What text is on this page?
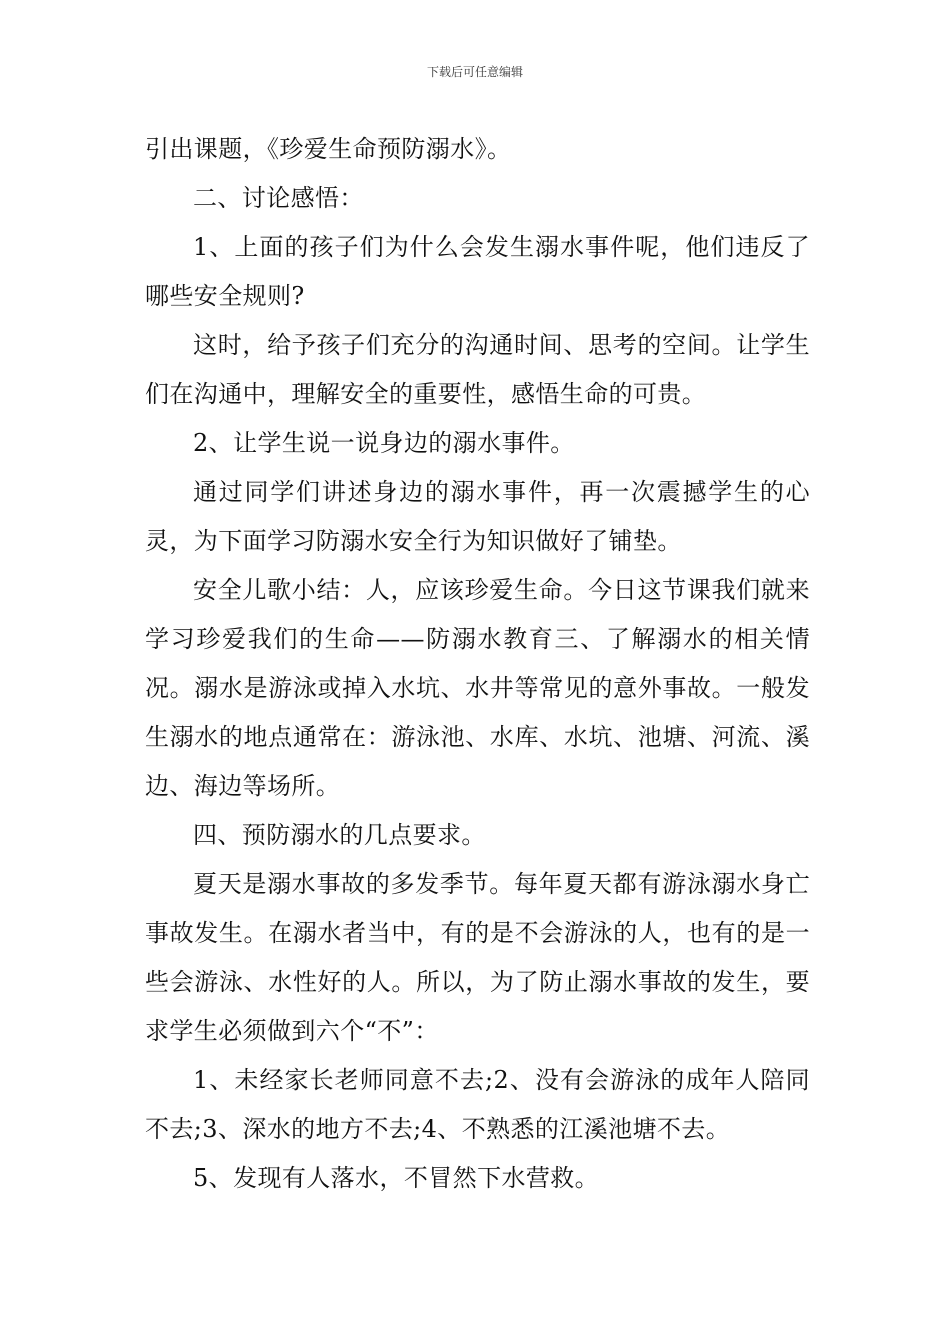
下载后可任意编辑

引出课题，《珍爱生命预防溺水》。

二、讨论感悟：

1、上面的孩子们为什么会发生溺水事件呢，他们违反了哪些安全规则?

这时，给予孩子们充分的沟通时间、思考的空间。让学生们在沟通中，理解安全的重要性，感悟生命的可贵。

2、让学生说一说身边的溺水事件。

通过同学们讲述身边的溺水事件，再一次震撼学生的心灵，为下面学习防溺水安全行为知识做好了铺垫。

安全儿歌小结：人，应该珍爱生命。今日这节课我们就来学习珍爱我们的生命——防溺水教育三、了解溺水的相关情况。溺水是游泳或掉入水坑、水井等常见的意外事故。一般发生溺水的地点通常在：游泳池、水库、水坑、池塘、河流、溪边、海边等场所。

四、预防溺水的几点要求。

夏天是溺水事故的多发季节。每年夏天都有游泳溺水身亡事故发生。在溺水者当中，有的是不会游泳的人，也有的是一些会游泳、水性好的人。所以，为了防止溺水事故的发生，要求学生必须做到六个“不”：

1、未经家长老师同意不去;2、没有会游泳的成年人陪同不去;3、深水的地方不去;4、不熟悉的江溪池塘不去。

5、发现有人落水，不冒然下水营救。
